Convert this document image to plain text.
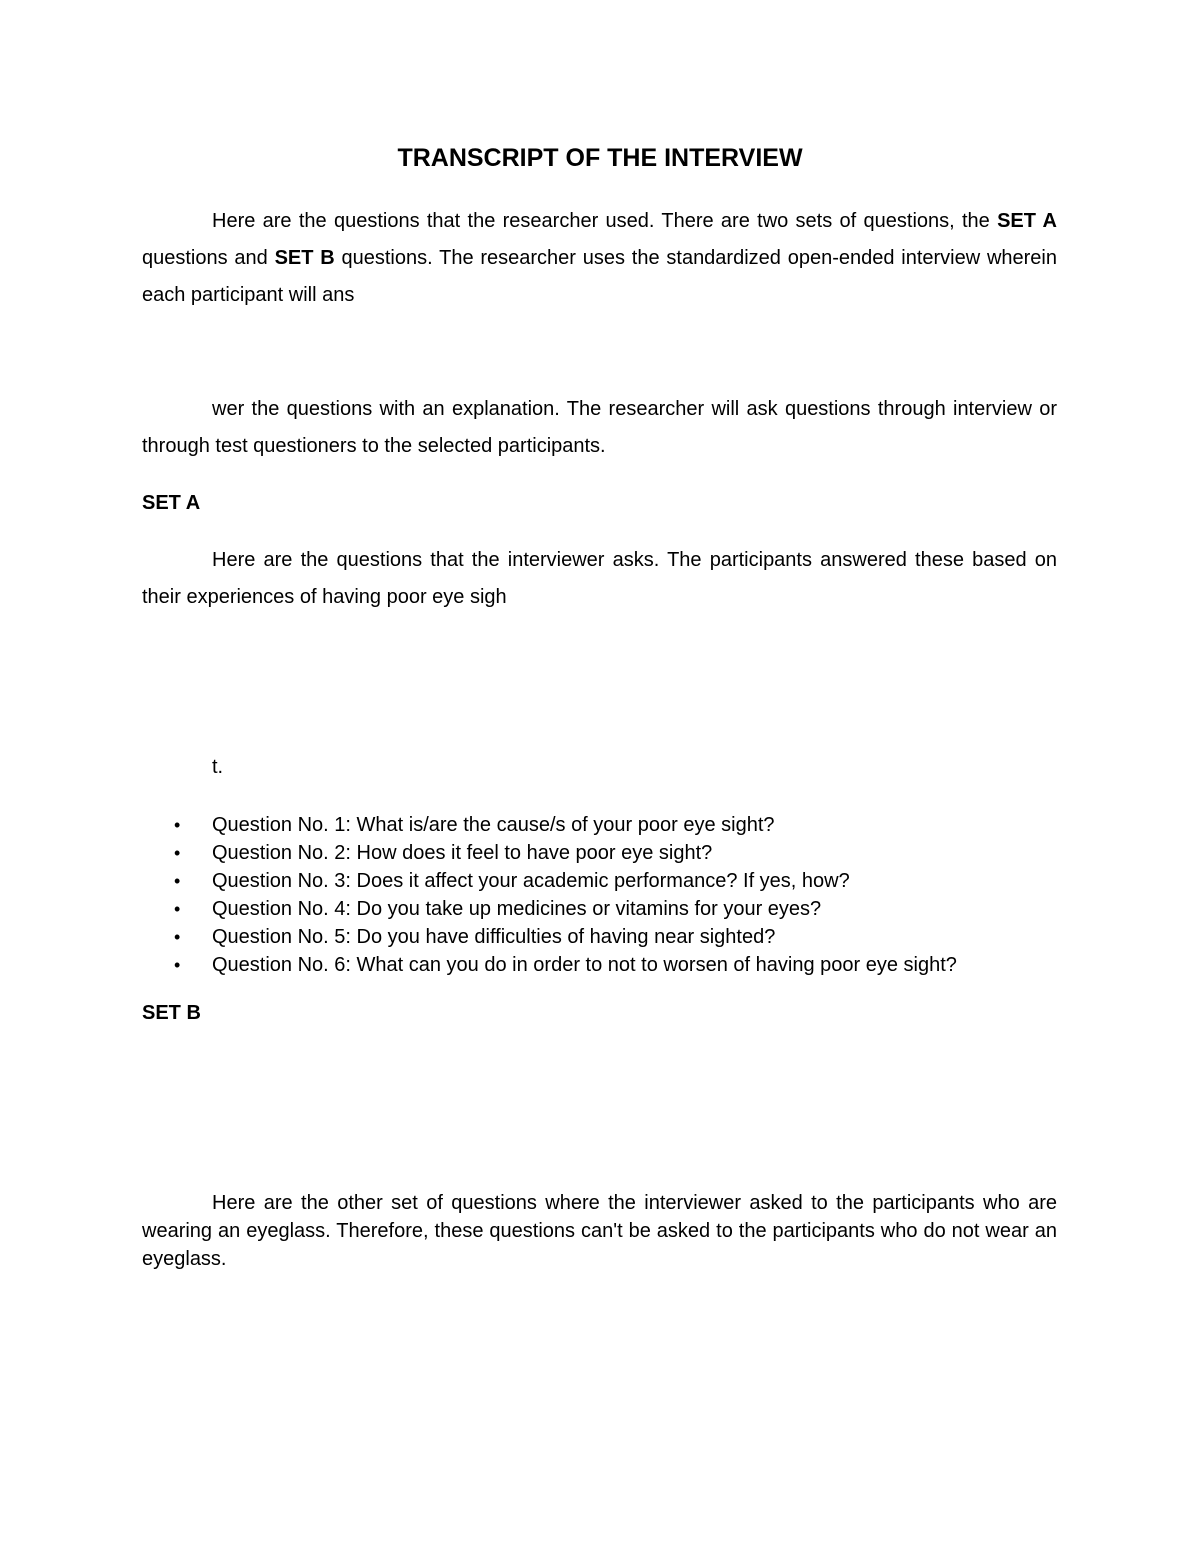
TRANSCRIPT OF THE INTERVIEW

Here are the questions that the researcher used. There are two sets of questions, the SET A questions and SET B questions. The researcher uses the standardized open-ended interview wherein each participant will ans

wer the questions with an explanation. The researcher will ask questions through interview or through test questioners to the selected participants.

SET A

Here are the questions that the interviewer asks. The participants answered these based on their experiences of having poor eye sigh

t.

• Question No. 1: What is/are the cause/s of your poor eye sight?
• Question No. 2: How does it feel to have poor eye sight?
• Question No. 3: Does it affect your academic performance? If yes, how?
• Question No. 4: Do you take up medicines or vitamins for your eyes?
• Question No. 5: Do you have difficulties of having near sighted?
• Question No. 6: What can you do in order to not to worsen of having poor eye sight?
SET B

Here are the other set of questions where the interviewer asked to the participants who are wearing an eyeglass. Therefore, these questions can't be asked to the participants who do not wear an eyeglass.
